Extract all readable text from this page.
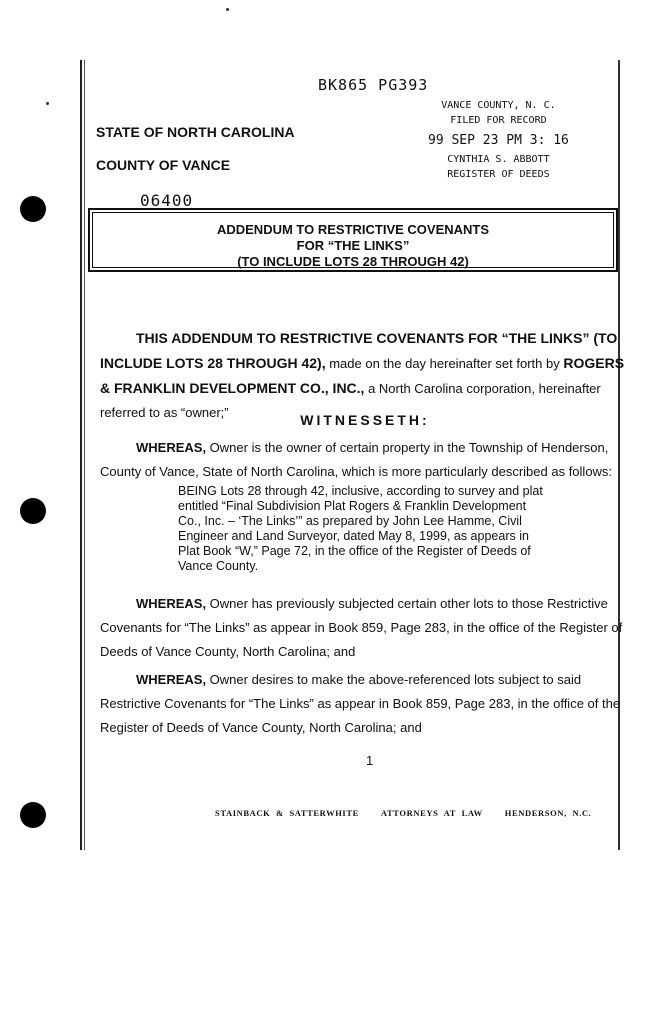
BK865 PG393
VANCE COUNTY, N. C.
FILED FOR RECORD
99 SEP 23 PM 3: 16
CYNTHIA S. ABBOTT
REGISTER OF DEEDS
STATE OF NORTH CAROLINA
COUNTY OF VANCE
06400
ADDENDUM TO RESTRICTIVE COVENANTS
FOR “THE LINKS”
(TO INCLUDE LOTS 28 THROUGH 42)
THIS ADDENDUM TO RESTRICTIVE COVENANTS FOR “THE LINKS” (TO INCLUDE LOTS 28 THROUGH 42), made on the day hereinafter set forth by ROGERS & FRANKLIN DEVELOPMENT CO., INC., a North Carolina corporation, hereinafter referred to as “owner;”	WITNESSETH:
WHEREAS, Owner is the owner of certain property in the Township of Henderson, County of Vance, State of North Carolina, which is more particularly described as follows:
BEING Lots 28 through 42, inclusive, according to survey and plat entitled “Final Subdivision Plat Rogers & Franklin Development Co., Inc. – ‘The Links’” as prepared by John Lee Hamme, Civil Engineer and Land Surveyor, dated May 8, 1999, as appears in Plat Book “W,” Page 72, in the office of the Register of Deeds of Vance County.
WHEREAS, Owner has previously subjected certain other lots to those Restrictive Covenants for “The Links” as appear in Book 859, Page 283, in the office of the Register of Deeds of Vance County, North Carolina; and
WHEREAS, Owner desires to make the above-referenced lots subject to said Restrictive Covenants for “The Links” as appear in Book 859, Page 283, in the office of the Register of Deeds of Vance County, North Carolina; and
1
STAINBACK & SATTERWHITE	ATTORNEYS AT LAW	HENDERSON, N.C.
